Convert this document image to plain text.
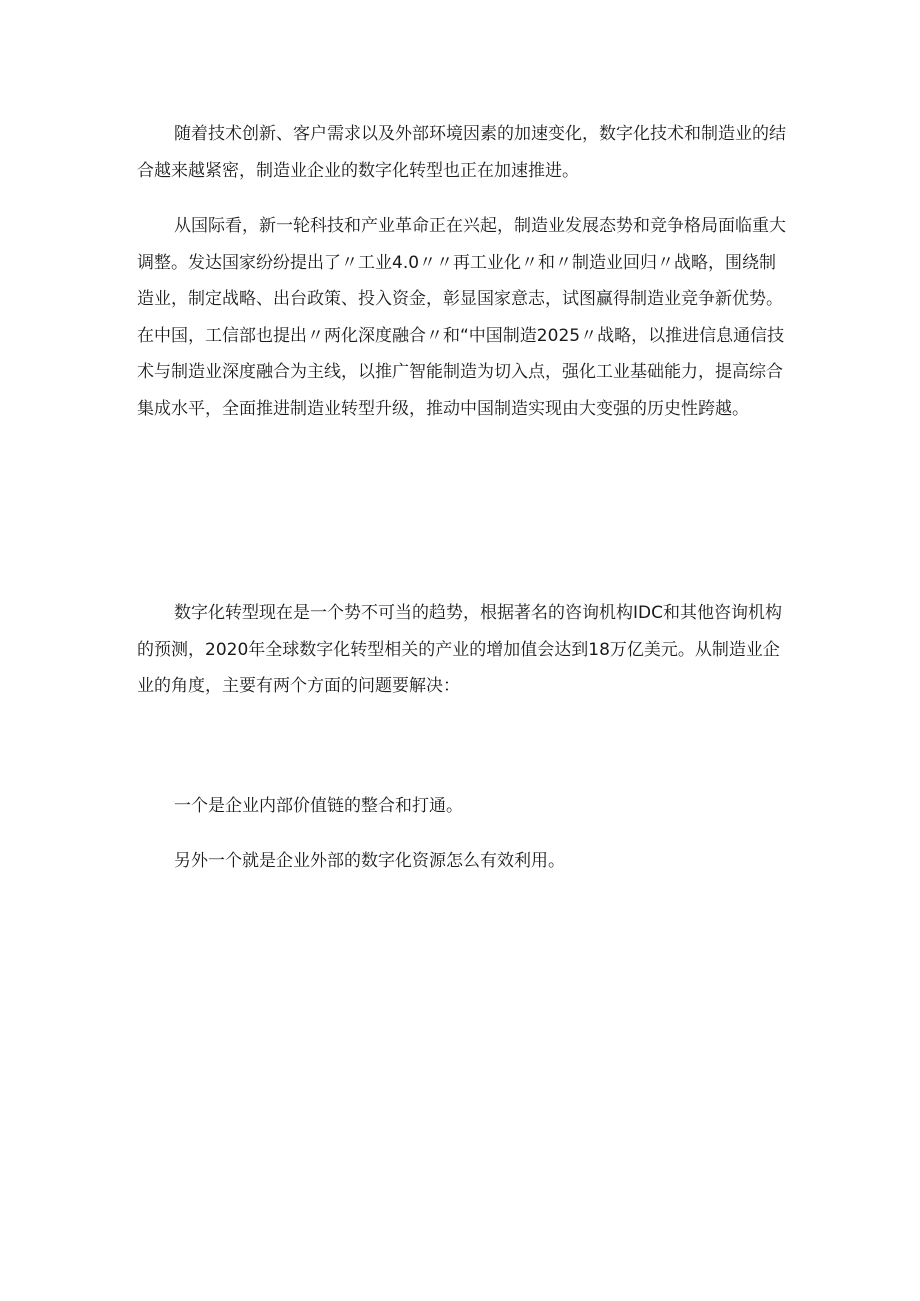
随着技术创新、客户需求以及外部环境因素的加速变化，数字化技术和制造业的结合越来越紧密，制造业企业的数字化转型也正在加速推进。

从国际看，新一轮科技和产业革命正在兴起，制造业发展态势和竞争格局面临重大调整。发达国家纷纷提出了〃工业4.0〃〃再工业化〃和〃制造业回归〃战略，围绕制造业，制定战略、出台政策、投入资金，彰显国家意志，试图赢得制造业竞争新优势。在中国，工信部也提出〃两化深度融合〃和“中国制造2025〃战略，以推进信息通信技术与制造业深度融合为主线，以推广智能制造为切入点，强化工业基础能力，提高综合集成水平，全面推进制造业转型升级，推动中国制造实现由大变强的历史性跨越。

数字化转型现在是一个势不可当的趋势，根据著名的咨询机构IDC和其他咨询机构的预测，2020年全球数字化转型相关的产业的增加值会达到18万亿美元。从制造业企业的角度，主要有两个方面的问题要解决：

一个是企业内部价值链的整合和打通。

另外一个就是企业外部的数字化资源怎么有效利用。
